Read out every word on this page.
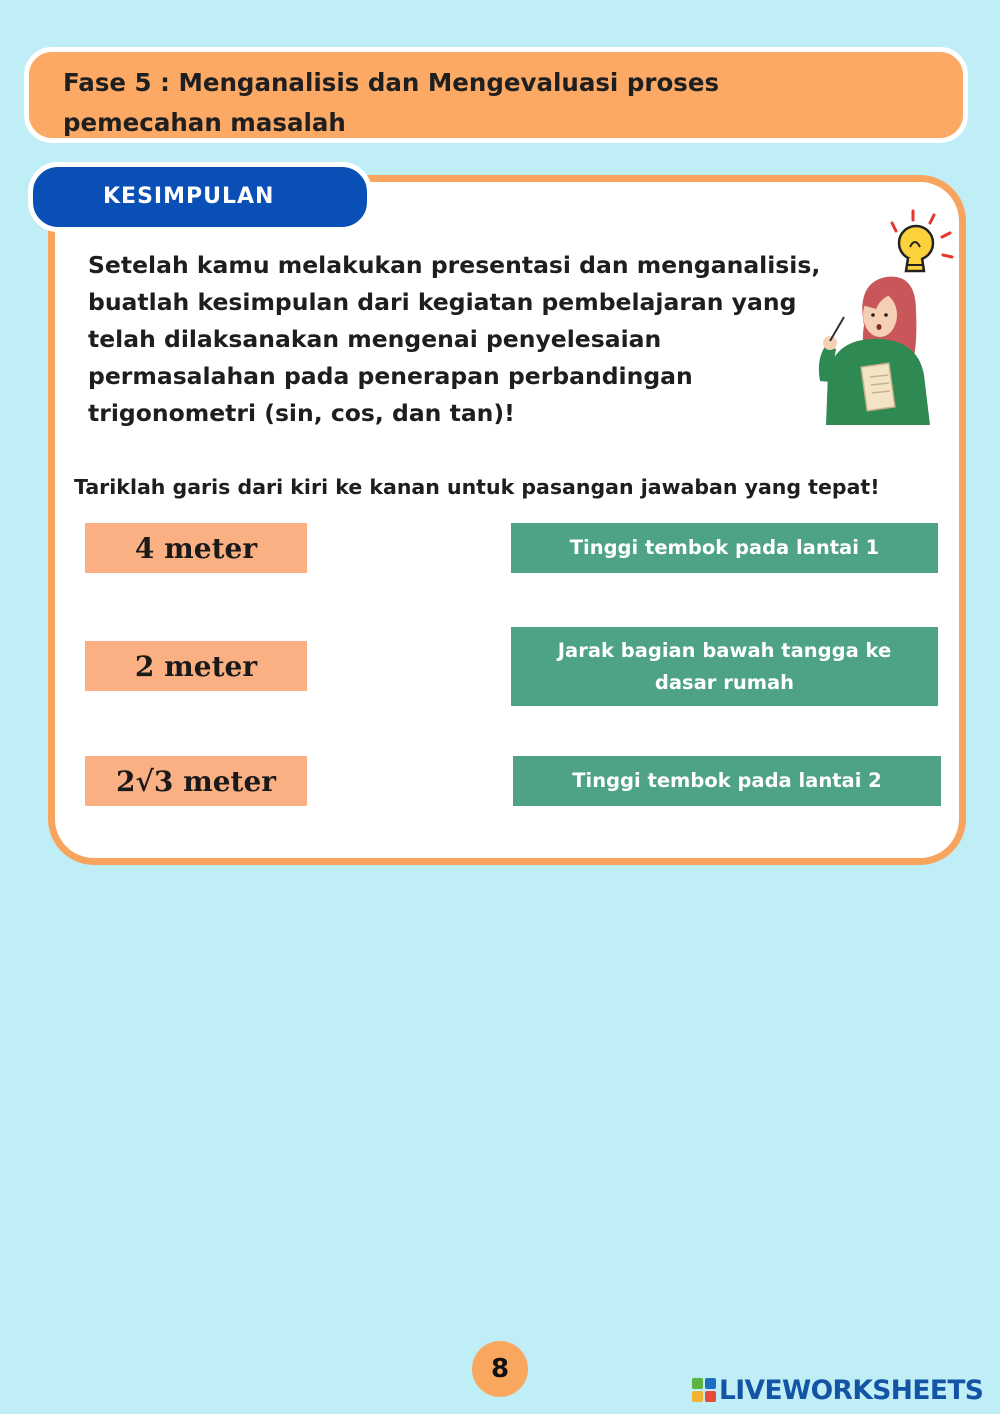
Fase 5 : Menganalisis dan Mengevaluasi proses pemecahan masalah

KESIMPULAN

Setelah kamu melakukan presentasi dan menganalisis, buatlah kesimpulan dari kegiatan pembelajaran yang telah dilaksanakan mengenai penyelesaian permasalahan pada penerapan perbandingan trigonometri (sin, cos, dan tan)!

Tariklah garis dari kiri ke kanan untuk pasangan jawaban yang tepat!

4 meter
2 meter
2√3 meter
Tinggi tembok pada lantai 1
Jarak bagian bawah tangga ke dasar rumah
Tinggi tembok pada lantai 2
8
LIVEWORKSHEETS
